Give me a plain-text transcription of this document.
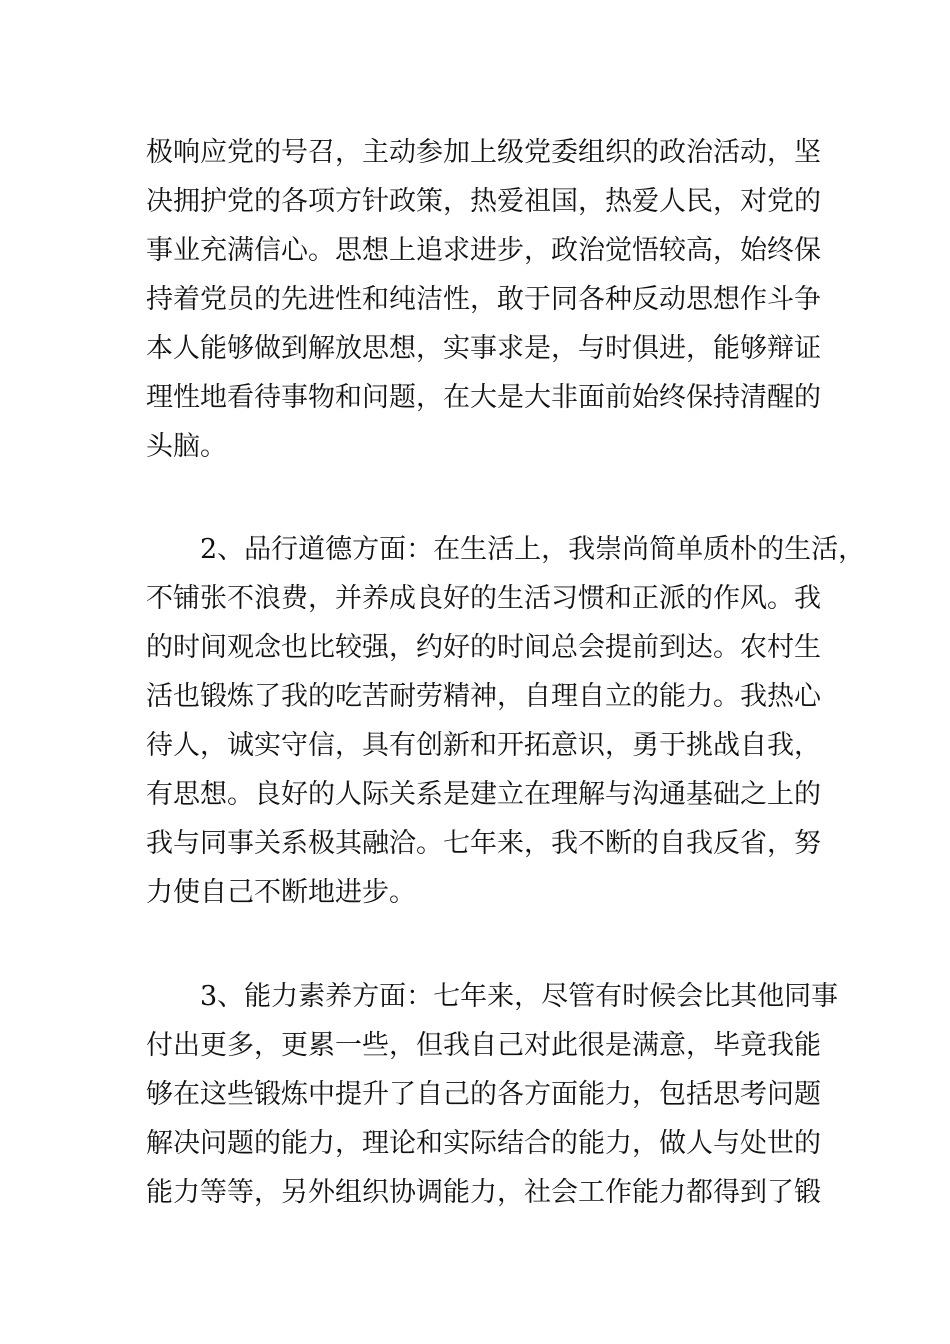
极响应党的号召，主动参加上级党委组织的政治活动，坚
决拥护党的各项方针政策，热爱祖国，热爱人民，对党的
事业充满信心。思想上追求进步，政治觉悟较高，始终保
持着党员的先进性和纯洁性，敢于同各种反动思想作斗争
本人能够做到解放思想，实事求是，与时俱进，能够辩证
理性地看待事物和问题，在大是大非面前始终保持清醒的
头脑。
2、品行道德方面：在生活上，我崇尚简单质朴的生活，
不铺张不浪费，并养成良好的生活习惯和正派的作风。我
的时间观念也比较强，约好的时间总会提前到达。农村生
活也锻炼了我的吃苦耐劳精神，自理自立的能力。我热心
待人，诚实守信，具有创新和开拓意识，勇于挑战自我，
有思想。良好的人际关系是建立在理解与沟通基础之上的
我与同事关系极其融洽。七年来，我不断的自我反省，努
力使自己不断地进步。
3、能力素养方面：七年来，尽管有时候会比其他同事
付出更多，更累一些，但我自己对此很是满意，毕竟我能
够在这些锻炼中提升了自己的各方面能力，包括思考问题
解决问题的能力，理论和实际结合的能力，做人与处世的
能力等等，另外组织协调能力，社会工作能力都得到了锻
